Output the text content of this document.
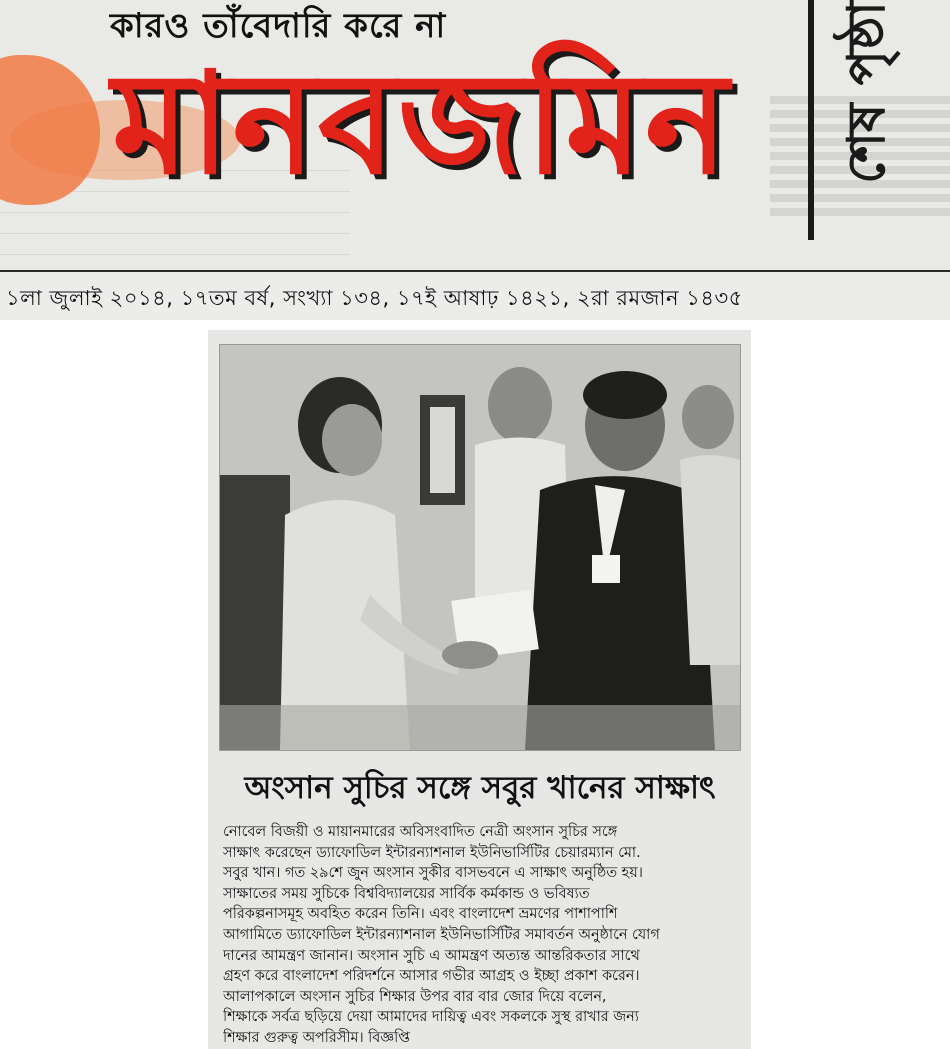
কারও তাঁবেদারি করে না
মানবজমিন শেষ পৃষ্ঠা
১লা জুলাই ২০১৪, ১৭তম বর্ষ, সংখ্যা ১৩৪, ১৭ই আষাঢ় ১৪২১, ২রা রমজান ১৪৩৫
অংসান সুচির সঙ্গে সবুর খানের সাক্ষাৎ
নোবেল বিজয়ী ও মায়ানমারের অবিসংবাদিত নেত্রী অংসান সুচির সঙ্গে
সাক্ষাৎ করেছেন ড্যাফোডিল ইন্টারন্যাশনাল ইউনিভার্সিটির চেয়ারম্যান মো.
সবুর খান। গত ২৯শে জুন অংসান সুকীর বাসভবনে এ সাক্ষাৎ অনুষ্ঠিত হয়।
সাক্ষাতের সময় সুচিকে বিশ্ববিদ্যালয়ের সার্বিক কর্মকান্ড ও ভবিষ্যত
পরিকল্পনাসমূহ অবহিত করেন তিনি। এবং বাংলাদেশ ভ্রমণের পাশাপাশি
আগামিতে ড্যাফোডিল ইন্টারন্যাশনাল ইউনিভার্সিটির সমাবর্তন অনুষ্ঠানে যোগ
দানের আমন্ত্রণ জানান। অংসান সুচি এ আমন্ত্রণ অত্যন্ত আন্তরিকতার সাথে
গ্রহণ করে বাংলাদেশ পরিদর্শনে আসার গভীর আগ্রহ ও ইচ্ছা প্রকাশ করেন।
আলাপকালে অংসান সুচির শিক্ষার উপর বার বার জোর দিয়ে বলেন,
শিক্ষাকে সর্বত্র ছড়িয়ে দেয়া আমাদের দায়িত্ব এবং সকলকে সুস্থ রাখার জন্য
শিক্ষার গুরুত্ব অপরিসীম। বিজ্ঞপ্তি
